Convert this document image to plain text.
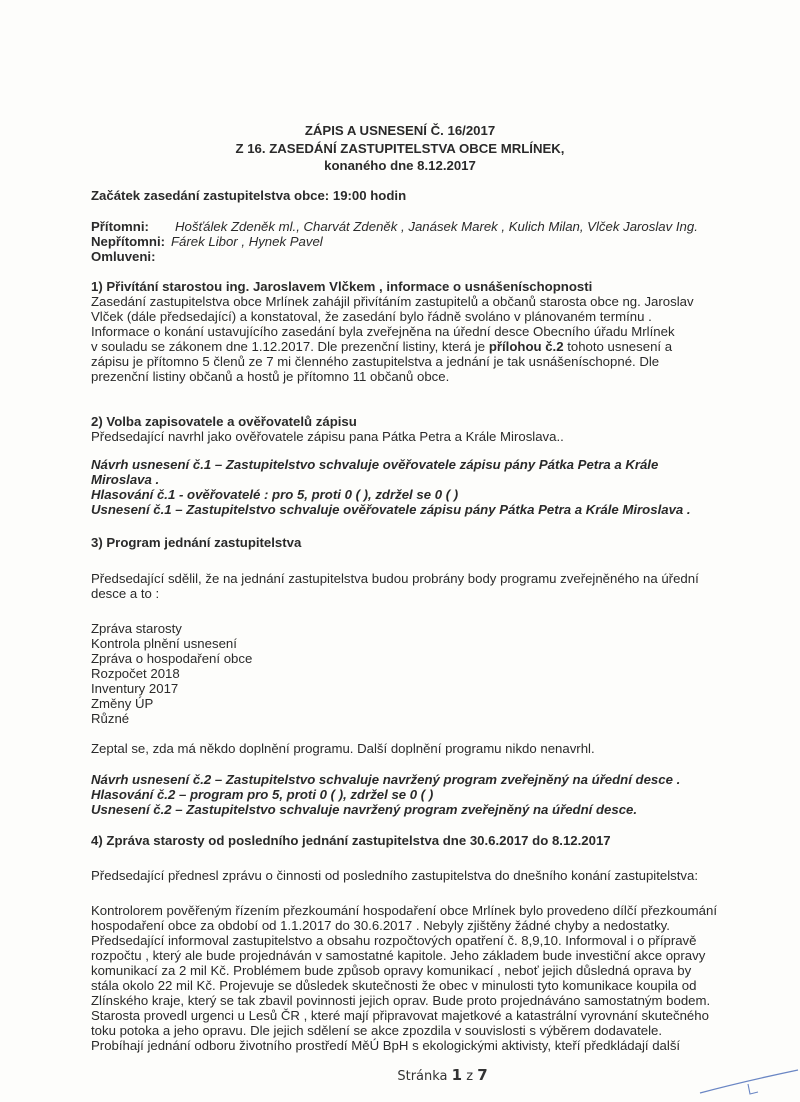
ZÁPIS A USNESENÍ Č. 16/2017
Z 16. ZASEDÁNÍ ZASTUPITELSTVA OBCE MRLÍNEK,
konaného dne 8.12.2017
Začátek zasedání zastupitelstva obce: 19:00 hodin
Přítomni: Hošťálek Zdeněk ml., Charvát Zdeněk , Janásek Marek , Kulich Milan, Vlček Jaroslav Ing.
Nepřítomni: Fárek Libor , Hynek Pavel
Omluveni:
1) Přivítání starostou ing. Jaroslavem Vlčkem , informace o usnášeníschopnosti
Zasedání zastupitelstva obce Mrlínek zahájil přivítáním zastupitelů a občanů starosta obce ng. Jaroslav
Vlček (dále předsedající) a konstatoval, že zasedání bylo řádně svoláno v plánovaném termínu .
Informace o konání ustavujícího zasedání byla zveřejněna na úřední desce Obecního úřadu Mrlínek
v souladu se zákonem dne 1.12.2017. Dle prezenční listiny, která je přílohou č.2 tohoto usnesení a
zápisu je přítomno 5 členů ze 7 mi členného zastupitelstva a jednání je tak usnášeníschopné. Dle
prezenční listiny občanů a hostů je přítomno 11 občanů obce.
2) Volba zapisovatele a ověřovatelů zápisu
Předsedající navrhl jako ověřovatele zápisu pana Pátka Petra a Krále Miroslava..
Návrh usnesení č.1 – Zastupitelstvo schvaluje ověřovatele zápisu pány Pátka Petra a Krále
Miroslava .
Hlasování č.1 - ověřovatelé : pro 5, proti 0 ( ), zdržel se 0 ( )
Usnesení č.1 – Zastupitelstvo schvaluje ověřovatele zápisu pány Pátka Petra a Krále Miroslava .
3) Program jednání zastupitelstva
Předsedající sdělil, že na jednání zastupitelstva budou probrány body programu zveřejněného na úřední
desce a to :
Zpráva starosty
Kontrola plnění usnesení
Zpráva o hospodaření obce
Rozpočet 2018
Inventury 2017
Změny ÚP
Různé
Zeptal se, zda má někdo doplnění programu. Další doplnění programu nikdo nenavrhl.
Návrh usnesení č.2 – Zastupitelstvo schvaluje navržený program zveřejněný na úřední desce .
Hlasování č.2 – program pro 5, proti 0 ( ), zdržel se 0 ( )
Usnesení č.2 – Zastupitelstvo schvaluje navržený program zveřejněný na úřední desce.
4) Zpráva starosty od posledního jednání zastupitelstva dne 30.6.2017 do 8.12.2017
Předsedající přednesl zprávu o činnosti od posledního zastupitelstva do dnešního konání zastupitelstva:
Kontrolorem pověřeným řízením přezkoumání hospodaření obce Mrlínek bylo provedeno dílčí přezkoumání
hospodaření obce za období od 1.1.2017 do 30.6.2017 . Nebyly zjištěny žádné chyby a nedostatky.
Předsedající informoval zastupitelstvo a obsahu rozpočtových opatření č. 8,9,10. Informoval i o přípravě
rozpočtu , který ale bude projednáván v samostatné kapitole. Jeho základem bude investiční akce opravy
komunikací za 2 mil Kč. Problémem bude způsob opravy komunikací , neboť jejich důsledná oprava by
stála okolo 22 mil Kč. Projevuje se důsledek skutečnosti že obec v minulosti tyto komunikace koupila od
Zlínského kraje, který se tak zbavil povinnosti jejich oprav. Bude proto projednáváno samostatným bodem.
Starosta provedl urgenci u Lesů ČR , které mají připravovat majetkové a katastrální vyrovnání skutečného
toku potoka a jeho opravu. Dle jejich sdělení se akce zpozdila v souvislosti s výběrem dodavatele.
Probíhají jednání odboru životního prostředí MěÚ BpH s ekologickými aktivisty, kteří předkládají další
Stránka 1 z 7
